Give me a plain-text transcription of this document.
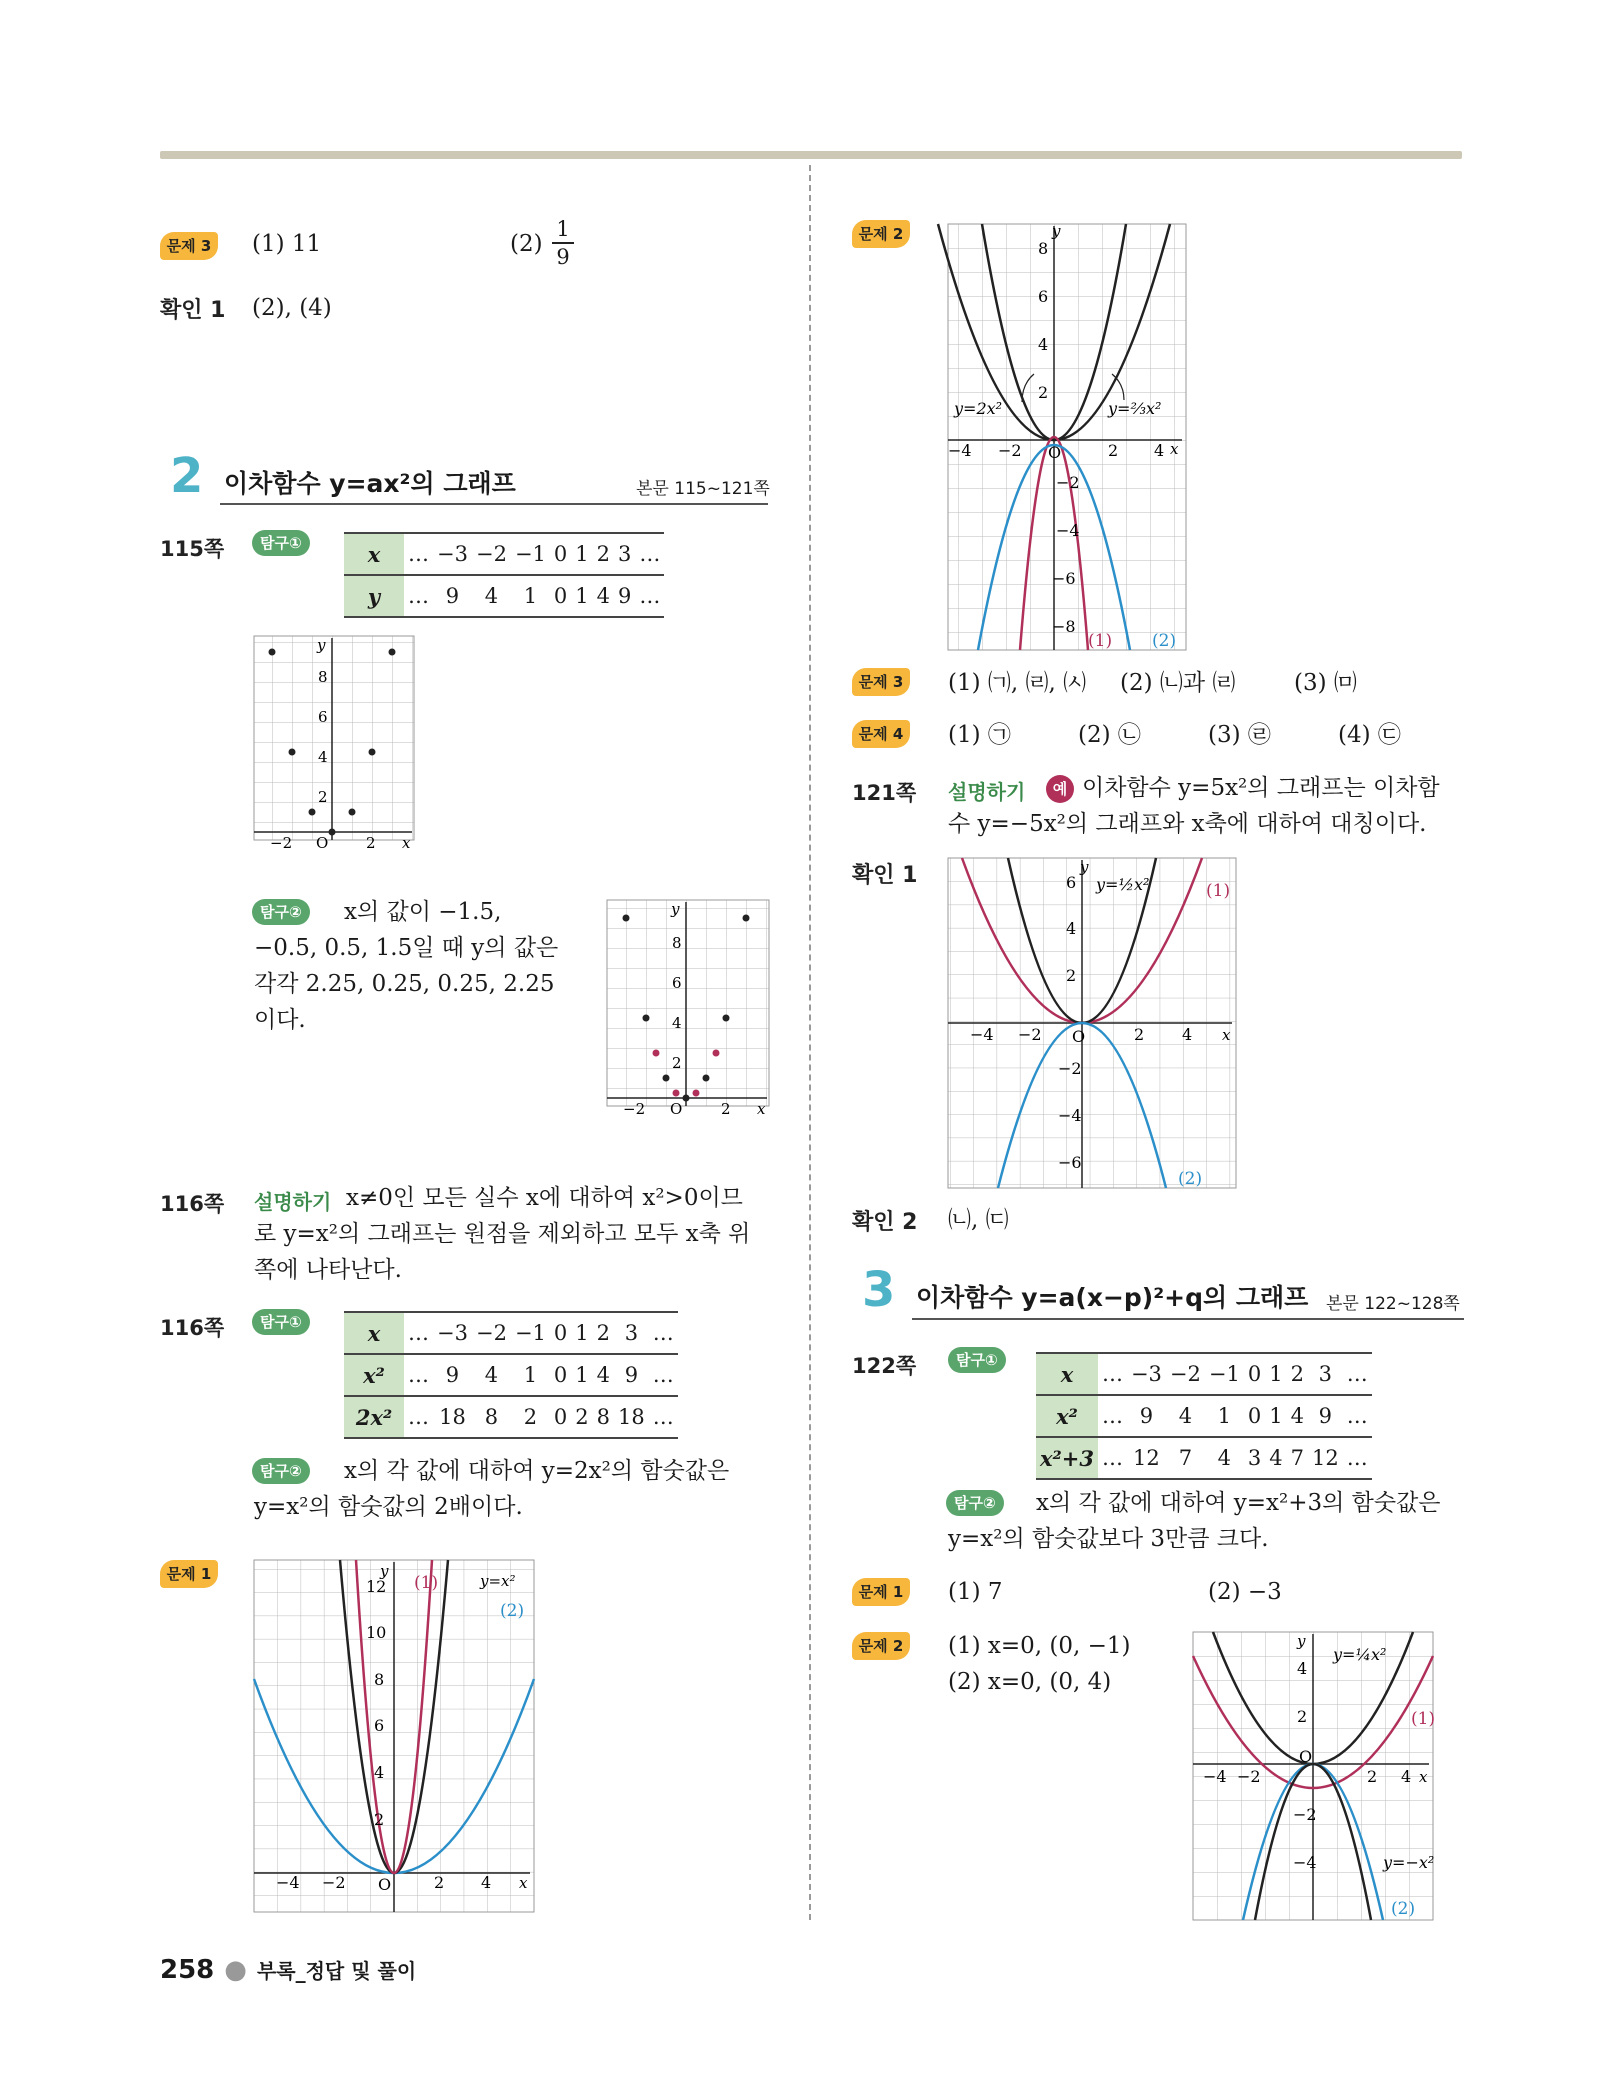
문제 3 (1) 11	$(2) \frac{1}{9}$
확인 1 (2), (4)
2 이차함수 y=ax²의 그래프	본문 115~121쪽
115쪽	탐구①	x	…	−3	−2	−1	0	1	2	3	…
y	…	9	4	1	0	1	4	9	…
y
x
8
6
4
2
−2 O	2
탐구②	x의 값이 −1.5,
−0.5, 0.5, 1.5일 때 y의 값은
각각 2.25, 0.25, 0.25, 2.25
이다.
y
x
8
6
4
2
−2 O	2
116쪽 설명하기 x≠0인 모든 실수 x에 대하여 x²>0이므
로 y=x²의 그래프는 원점을 제외하고 모두 x축 위
쪽에 나타난다.
116쪽	탐구①	x	…	−3	−2	−1	0	1	2	3	…
x²	…	9	4	1	0	1	4	9	…
2x²	…	18	8	2	0	2	8	18	…
탐구②	x의 각 값에 대하여 y=2x²의 함숫값은
y=x²의 함숫값의 2배이다.
문제 1	y
x
12
10
8
6
4
2
−4 −2 O	2 4
(1)	y=x²
(2)
문제 2	y
8
6
4
2
−4 −2 O	2 4 x
−2
−4
−6
−8
y=2x²	y=⅔x²
(1) (2)
문제 3 (1) ㈀, ㈃, ㈆ (2) ㈁과 ㈃	(3) ㈄
문제 4 (1) ㉠	(2) ㉡	(3) ㉣	(4) ㉢
121쪽 설명하기	예 이차함수 y=5x²의 그래프는 이차함
수 y=−5x²의 그래프와 x축에 대하여 대칭이다.
확인 1	y
6
4
2
−4 −2 O	2 4 x
−2
−4
−6
y=½x²	(1)
(2)
확인 2 ㈁, ㈂
3 이차함수 y=a(x−p)²+q의 그래프 본문 122~128쪽
122쪽	탐구①
x	…	−3	−2	−1	0	1	2	3	…
x²	…	9	4	1	0	1	4	9	…
x²+3	…	12	7	4	3	4	7	12	…
탐구②	x의 각 값에 대하여 y=x²+3의 함숫값은
y=x²의 함숫값보다 3만큼 크다.
문제 1 (1) 7	(2) −3
문제 2 (1) x=0, (0, −1)
(2) x=0, (0, 4)
y
4
2
O
−4 −2	2 4 x
−2
−4
y=¼x²
(1)
y=−x²
(2)
258 ● 부록_정답 및 풀이
